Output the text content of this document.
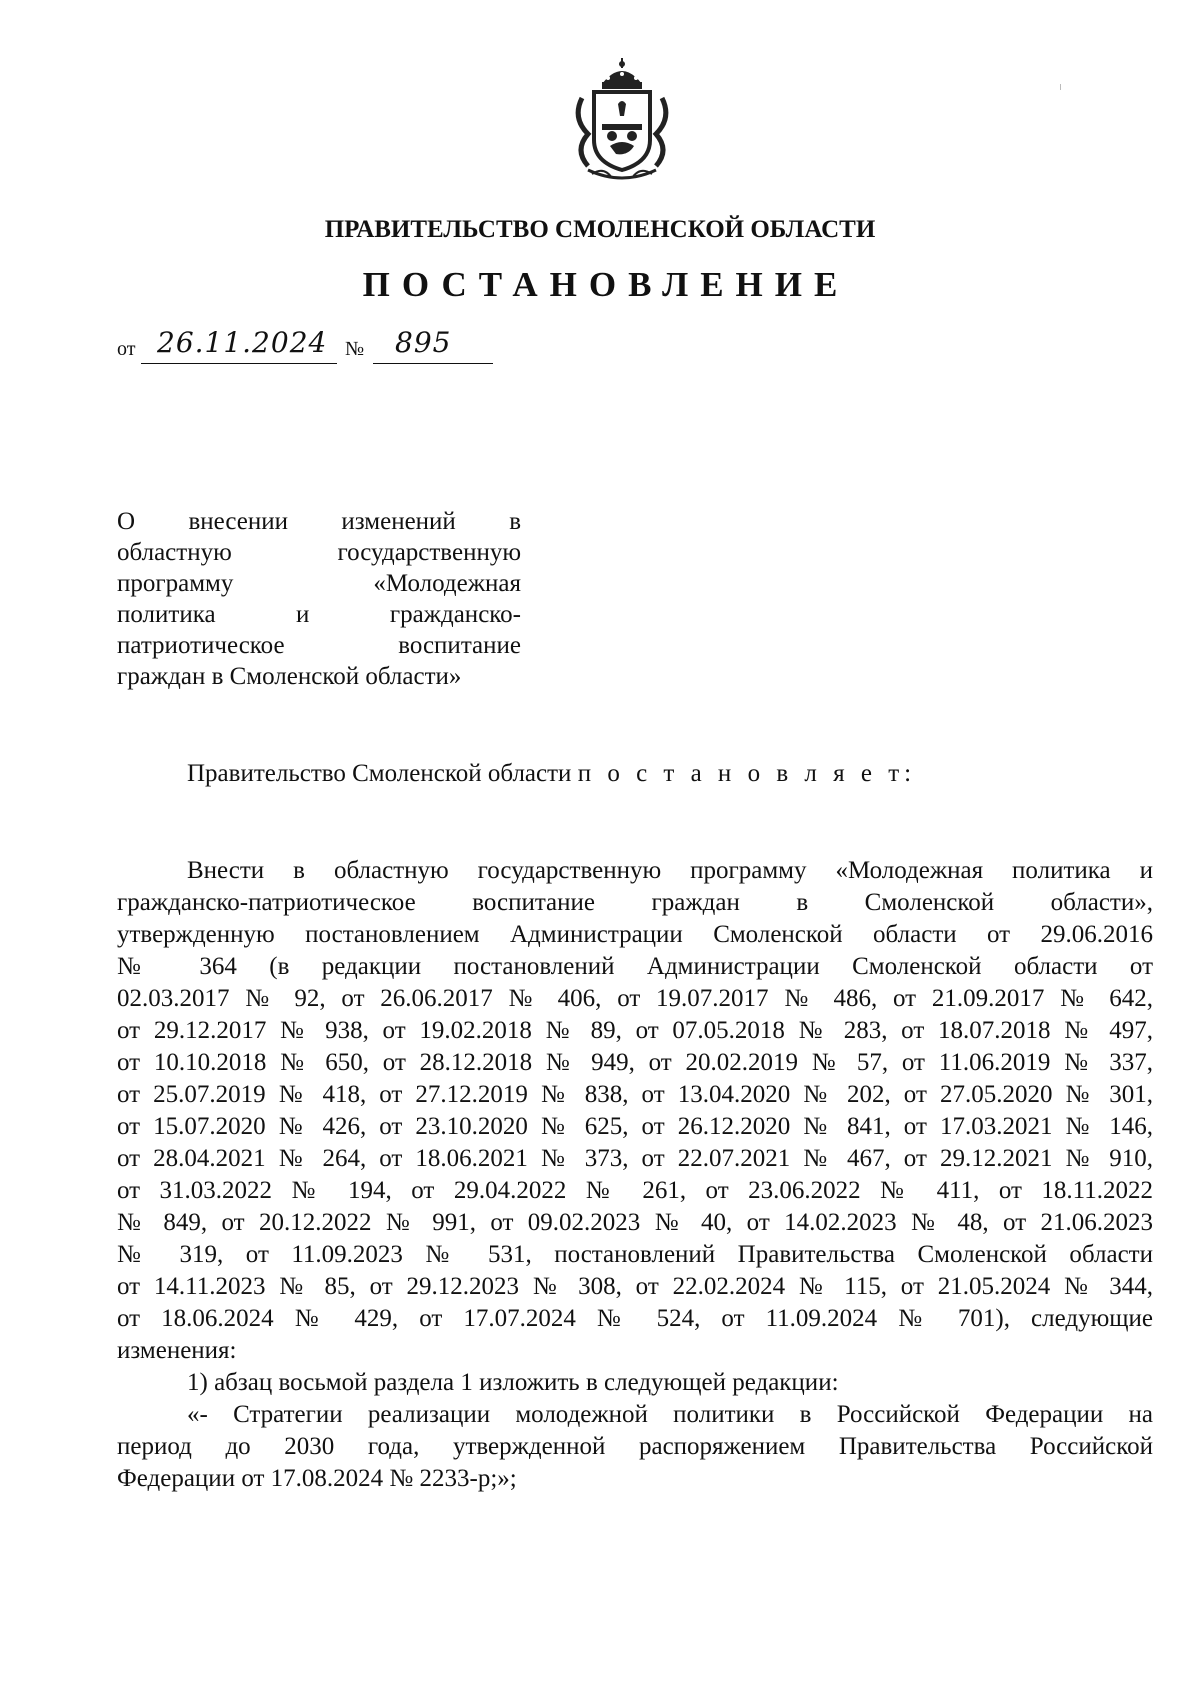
ПРАВИТЕЛЬСТВО СМОЛЕНСКОЙ ОБЛАСТИ
ПОСТАНОВЛЕНИЕ
от 26.11.2024 № 895
О внесении изменений в
областную государственную
программу «Молодежная
политика и гражданско-
патриотическое воспитание
граждан в Смоленской области»
Правительство Смоленской области п о с т а н о в л я е т:
Внести в областную государственную программу «Молодежная политика и
гражданско-патриотическое воспитание граждан в Смоленской области»,
утвержденную постановлением Администрации Смоленской области от 29.06.2016
№ 364 (в редакции постановлений Администрации Смоленской области от
02.03.2017 № 92, от 26.06.2017 № 406, от 19.07.2017 № 486, от 21.09.2017 № 642,
от 29.12.2017 № 938, от 19.02.2018 № 89, от 07.05.2018 № 283, от 18.07.2018 № 497,
от 10.10.2018 № 650, от 28.12.2018 № 949, от 20.02.2019 № 57, от 11.06.2019 № 337,
от 25.07.2019 № 418, от 27.12.2019 № 838, от 13.04.2020 № 202, от 27.05.2020 № 301,
от 15.07.2020 № 426, от 23.10.2020 № 625, от 26.12.2020 № 841, от 17.03.2021 № 146,
от 28.04.2021 № 264, от 18.06.2021 № 373, от 22.07.2021 № 467, от 29.12.2021 № 910,
от 31.03.2022 № 194, от 29.04.2022 № 261, от 23.06.2022 № 411, от 18.11.2022
№ 849, от 20.12.2022 № 991, от 09.02.2023 № 40, от 14.02.2023 № 48, от 21.06.2023
№ 319, от 11.09.2023 № 531, постановлений Правительства Смоленской области
от 14.11.2023 № 85, от 29.12.2023 № 308, от 22.02.2024 № 115, от 21.05.2024 № 344,
от 18.06.2024 № 429, от 17.07.2024 № 524, от 11.09.2024 № 701), следующие
изменения:
1) абзац восьмой раздела 1 изложить в следующей редакции:
«- Стратегии реализации молодежной политики в Российской Федерации на
период до 2030 года, утвержденной распоряжением Правительства Российской
Федерации от 17.08.2024 № 2233-р;»;
